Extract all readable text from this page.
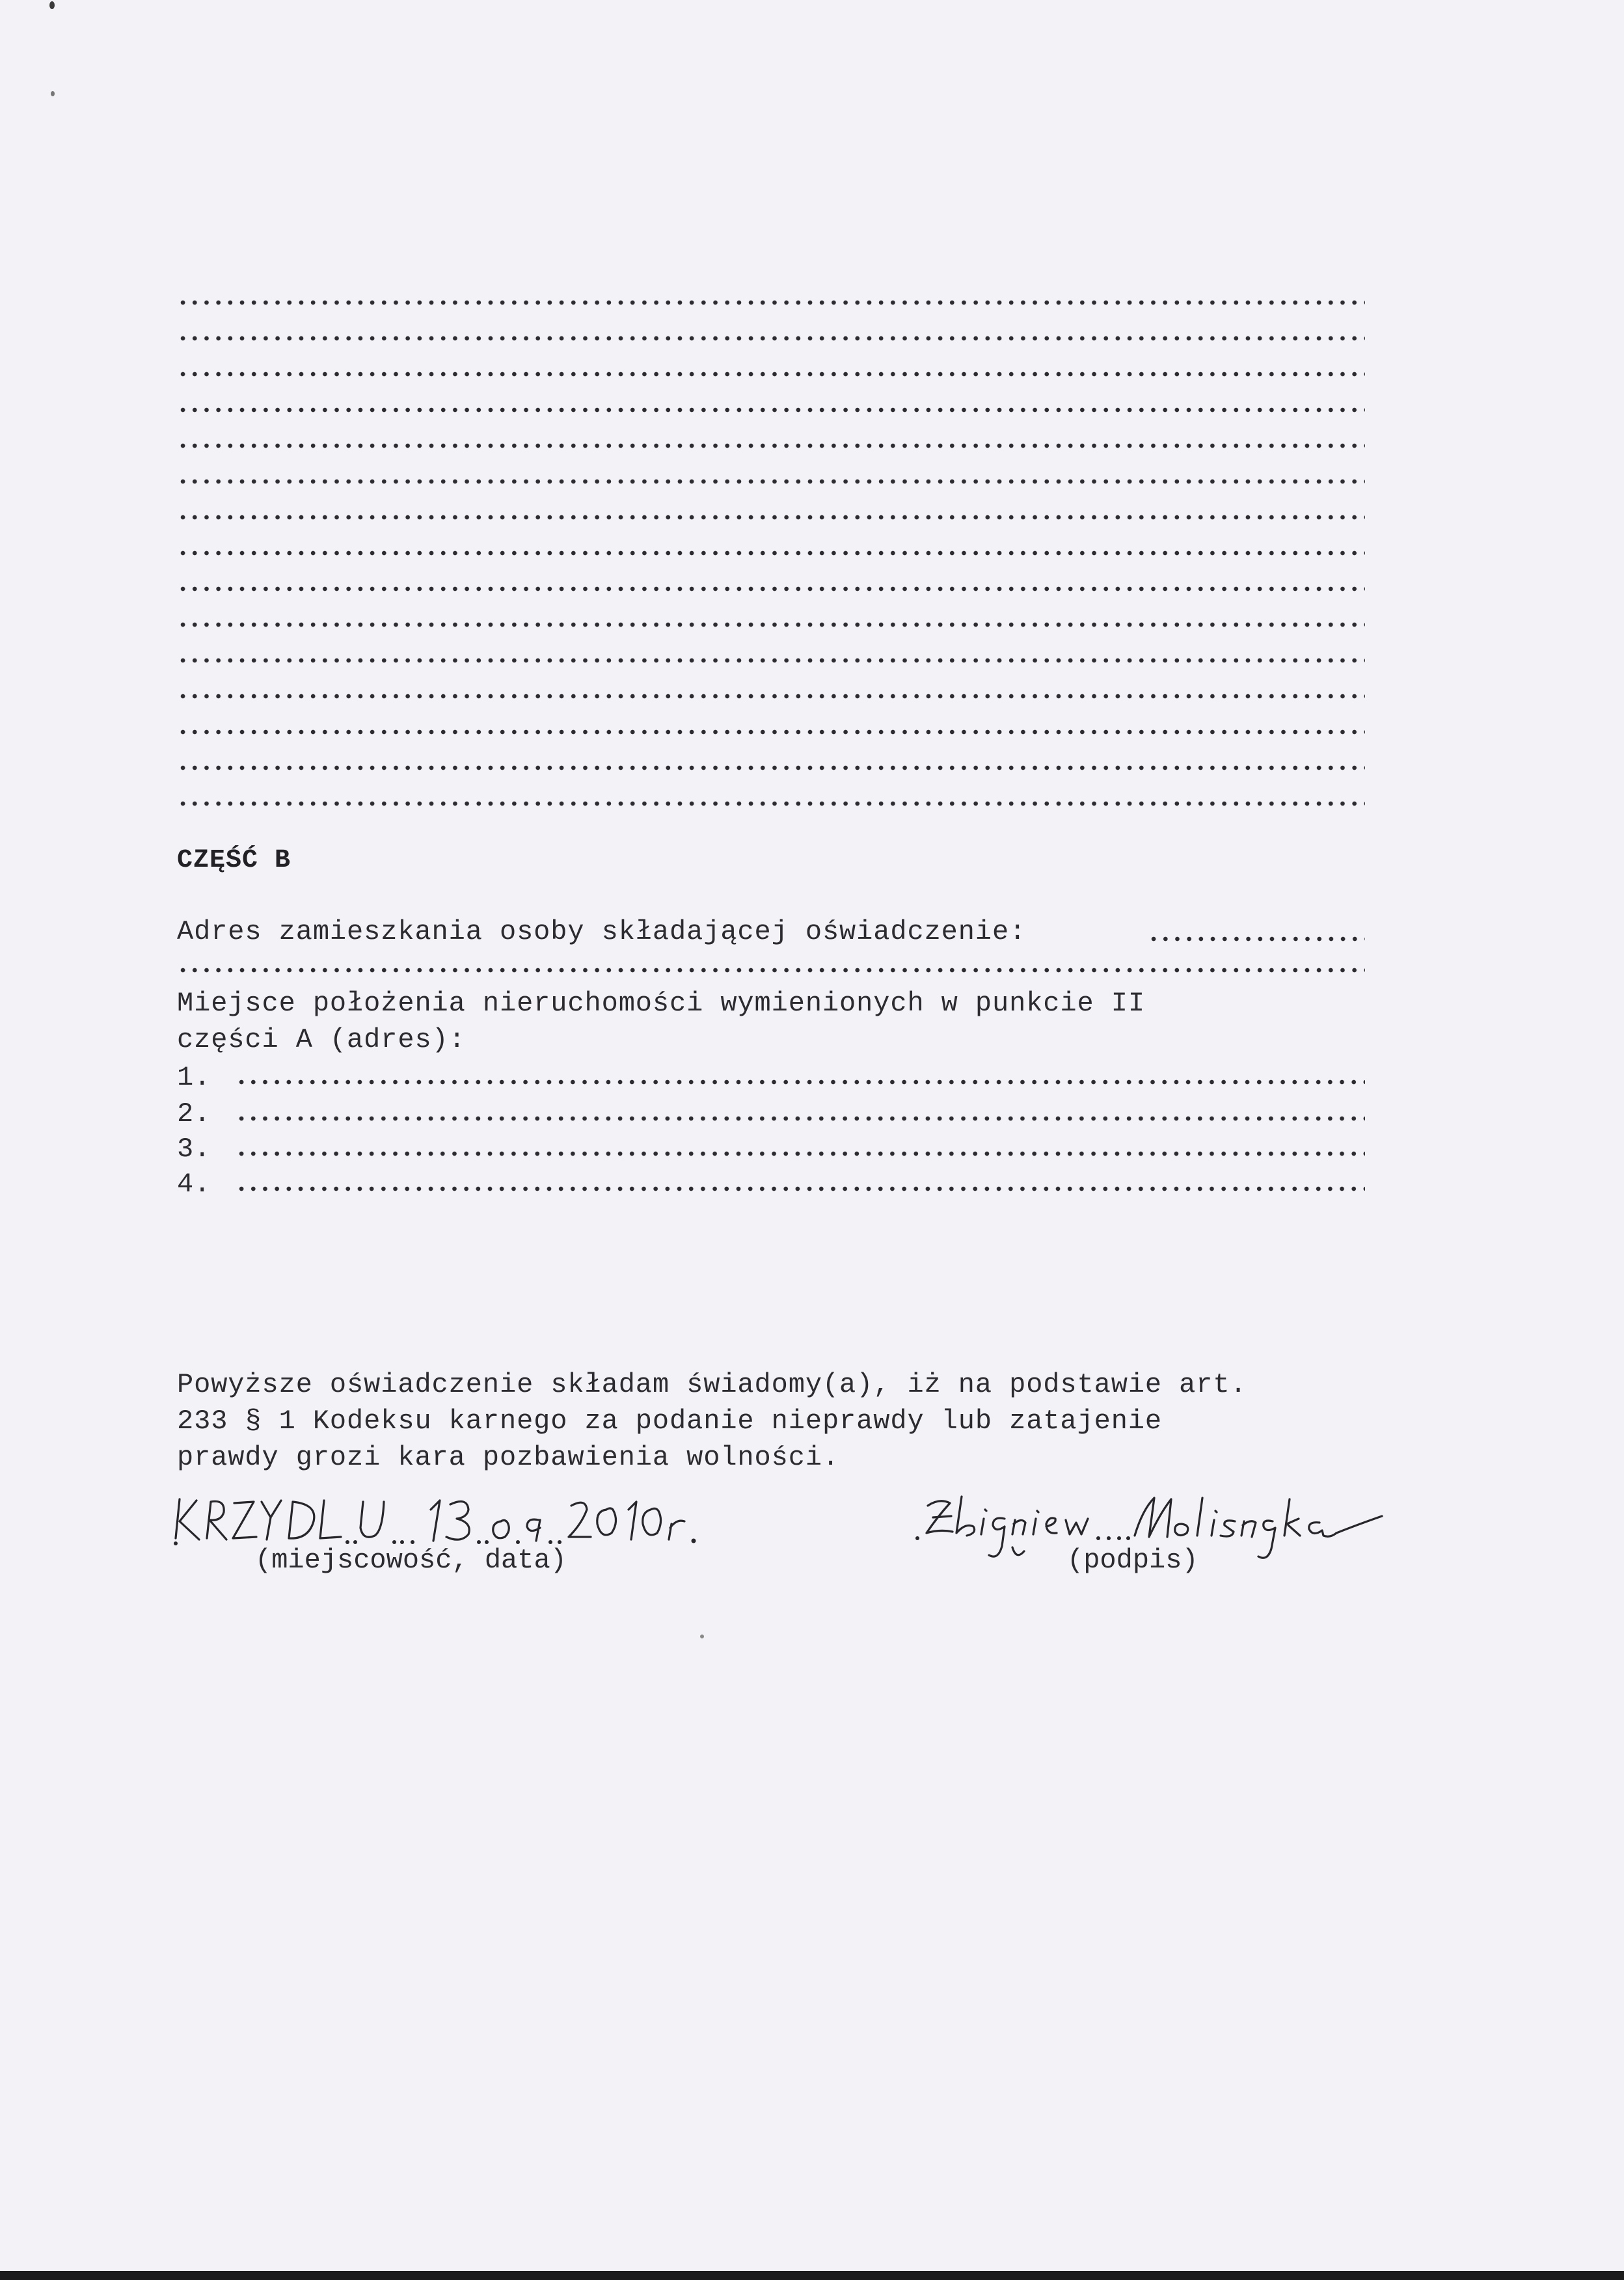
CZĘŚĆ B
Adres zamieszkania osoby składającej oświadczenie:
Miejsce położenia nieruchomości wymienionych w punkcie II
części A (adres):
1.
2.
3.
4.
Powyższe oświadczenie składam świadomy(a), iż na podstawie art.
233 § 1 Kodeksu karnego za podanie nieprawdy lub zatajenie
prawdy grozi kara pozbawienia wolności.
(miejscowość, data)	(podpis)
